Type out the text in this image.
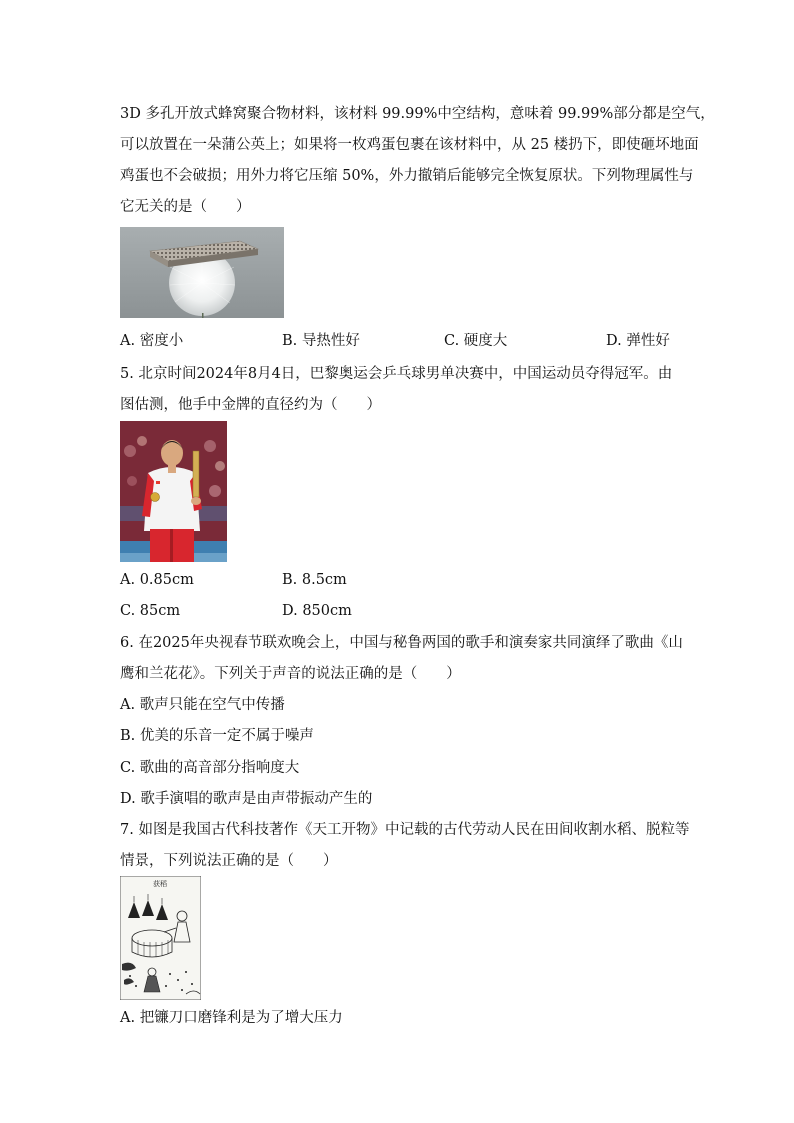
3D 多孔开放式蜂窝聚合物材料，该材料 99.99%中空结构，意味着 99.99%部分都是空气，
可以放置在一朵蒲公英上；如果将一枚鸡蛋包裹在该材料中，从 25 楼扔下，即使砸坏地面
鸡蛋也不会破损；用外力将它压缩 50%，外力撤销后能够完全恢复原状。下列物理属性与
它无关的是（　　）
A. 密度小	B. 导热性好	C. 硬度大	D. 弹性好
5. 北京时间2024年8月4日，巴黎奥运会乒乓球男单决赛中，中国运动员夺得冠军。由
图估测，他手中金牌的直径约为（　　）
A. 0.85cm	B. 8.5cm
C. 85cm	D. 850cm
6. 在2025年央视春节联欢晚会上，中国与秘鲁两国的歌手和演奏家共同演绎了歌曲《山
鹰和兰花花》。下列关于声音的说法正确的是（　　）
A. 歌声只能在空气中传播
B. 优美的乐音一定不属于噪声
C. 歌曲的高音部分指响度大
D. 歌手演唱的歌声是由声带振动产生的
7. 如图是我国古代科技著作《天工开物》中记载的古代劳动人民在田间收割水稻、脱粒等
情景，下列说法正确的是（　　）
获稻
A. 把镰刀口磨锋利是为了增大压力
